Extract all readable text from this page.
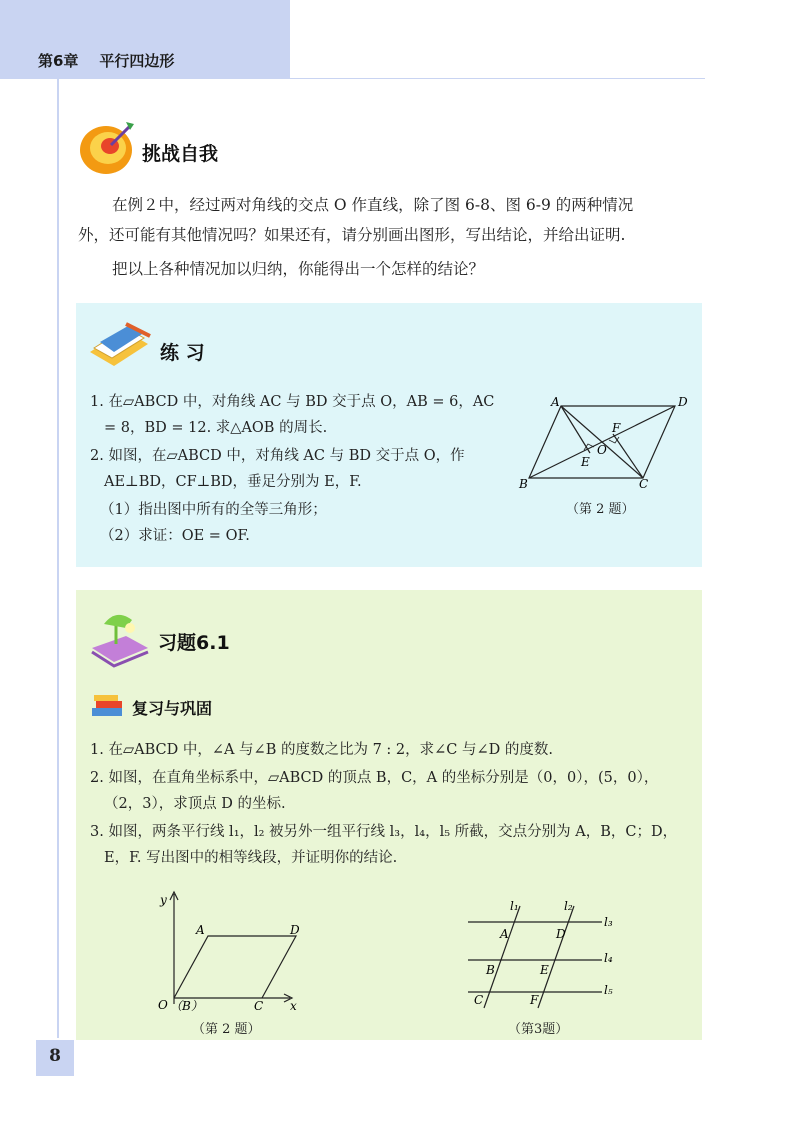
第6章    平行四边形
挑战自我
在例２中，经过两对角线的交点 O 作直线，除了图 6-8、图 6-9 的两种情况
外，还可能有其他情况吗？如果还有，请分别画出图形，写出结论，并给出证明.
把以上各种情况加以归纳，你能得出一个怎样的结论？
练 习
1. 在▱ABCD 中，对角线 AC 与 BD 交于点 O，AB = 6，AC
= 8，BD = 12. 求△AOB 的周长.
2. 如图，在▱ABCD 中，对角线 AC 与 BD 交于点 O，作
AE⊥BD，CF⊥BD，垂足分别为 E，F.
（1）指出图中所有的全等三角形；
（2）求证：OE = OF.
A	D
B	C
E
F
O
（第 2 题）
习题6.1
复习与巩固
1. 在▱ABCD 中，∠A 与∠B 的度数之比为 7 : 2，求∠C 与∠D 的度数.
2. 如图，在直角坐标系中，▱ABCD 的顶点 B，C，A 的坐标分别是（0，0），(5，0），
（2，3），求顶点 D 的坐标.
3. 如图，两条平行线 l₁，l₂ 被另外一组平行线 l₃，l₄，l₅ 所截，交点分别为 A，B，C；D，
E，F. 写出图中的相等线段，并证明你的结论.
y
x
O （B）
A	D
C
（第 2 题）
l₁	l₂
l₃
l₄
l₅
A	D
B	E
C	F
（第3题）
8
